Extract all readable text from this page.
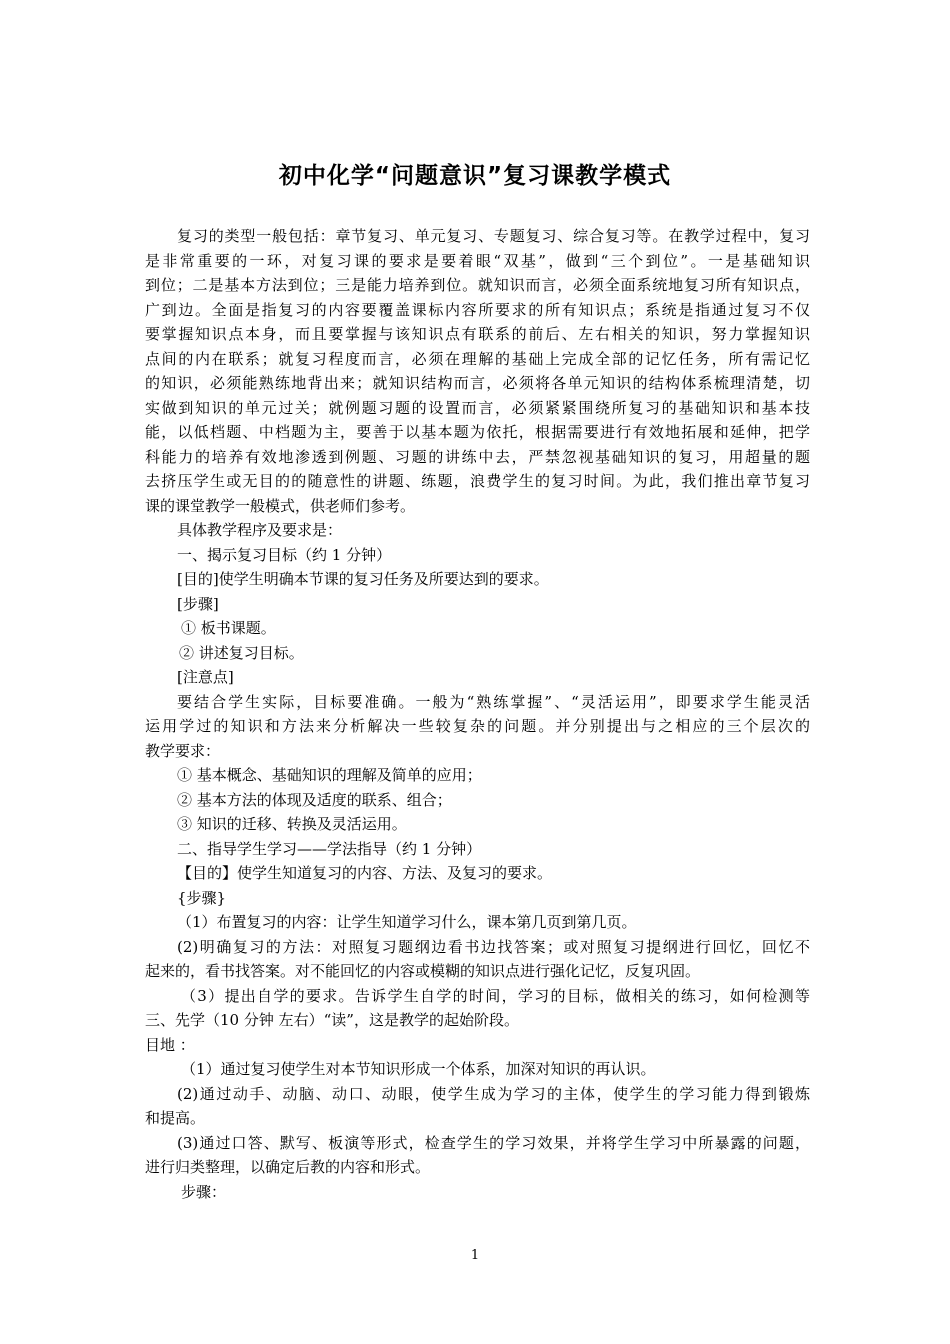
初中化学“问题意识”复习课教学模式
复习的类型一般包括：章节复习、单元复习、专题复习、综合复习等。在教学过程中，复习
是非常重要的一环，对复习课的要求是要着眼“双基”，做到“三个到位”。一是基础知识
到位；二是基本方法到位；三是能力培养到位。就知识而言，必须全面系统地复习所有知识点，
广到边。全面是指复习的内容要覆盖课标内容所要求的所有知识点；系统是指通过复习不仅
要掌握知识点本身，而且要掌握与该知识点有联系的前后、左右相关的知识，努力掌握知识
点间的内在联系；就复习程度而言，必须在理解的基础上完成全部的记忆任务，所有需记忆
的知识，必须能熟练地背出来；就知识结构而言，必须将各单元知识的结构体系梳理清楚，切
实做到知识的单元过关；就例题习题的设置而言，必须紧紧围绕所复习的基础知识和基本技
能，以低档题、中档题为主，要善于以基本题为依托，根据需要进行有效地拓展和延伸，把学
科能力的培养有效地渗透到例题、习题的讲练中去，严禁忽视基础知识的复习，用超量的题
去挤压学生或无目的的随意性的讲题、练题，浪费学生的复习时间。为此，我们推出章节复习
课的课堂教学一般模式，供老师们参考。
具体教学程序及要求是：
一、揭示复习目标（约 1 分钟）
[目的]使学生明确本节课的复习任务及所要达到的要求。
[步骤]
① 板书课题。
② 讲述复习目标。
[注意点]
要结合学生实际，目标要准确。一般为“熟练掌握”、“灵活运用”，即要求学生能灵活
运用学过的知识和方法来分析解决一些较复杂的问题。并分别提出与之相应的三个层次的
教学要求：
① 基本概念、基础知识的理解及简单的应用；
② 基本方法的体现及适度的联系、组合；
③ 知识的迁移、转换及灵活运用。
二、指导学生学习——学法指导（约 1 分钟）
【目的】使学生知道复习的内容、方法、及复习的要求。
{步骤}
（1）布置复习的内容：让学生知道学习什么，课本第几页到第几页。
(2)明确复习的方法：对照复习题纲边看书边找答案；或对照复习提纲进行回忆，回忆不
起来的，看书找答案。对不能回忆的内容或模糊的知识点进行强化记忆，反复巩固。
（3）提出自学的要求。告诉学生自学的时间，学习的目标，做相关的练习，如何检测等
三、先学（10 分钟 左右）“读”，这是教学的起始阶段。
目地 ：
（1）通过复习使学生对本节知识形成一个体系，加深对知识的再认识。
(2)通过动手、动脑、动口、动眼，使学生成为学习的主体，使学生的学习能力得到锻炼
和提高。
(3)通过口答、默写、板演等形式，检查学生的学习效果，并将学生学习中所暴露的问题，
进行归类整理，以确定后教的内容和形式。
步骤：
1
